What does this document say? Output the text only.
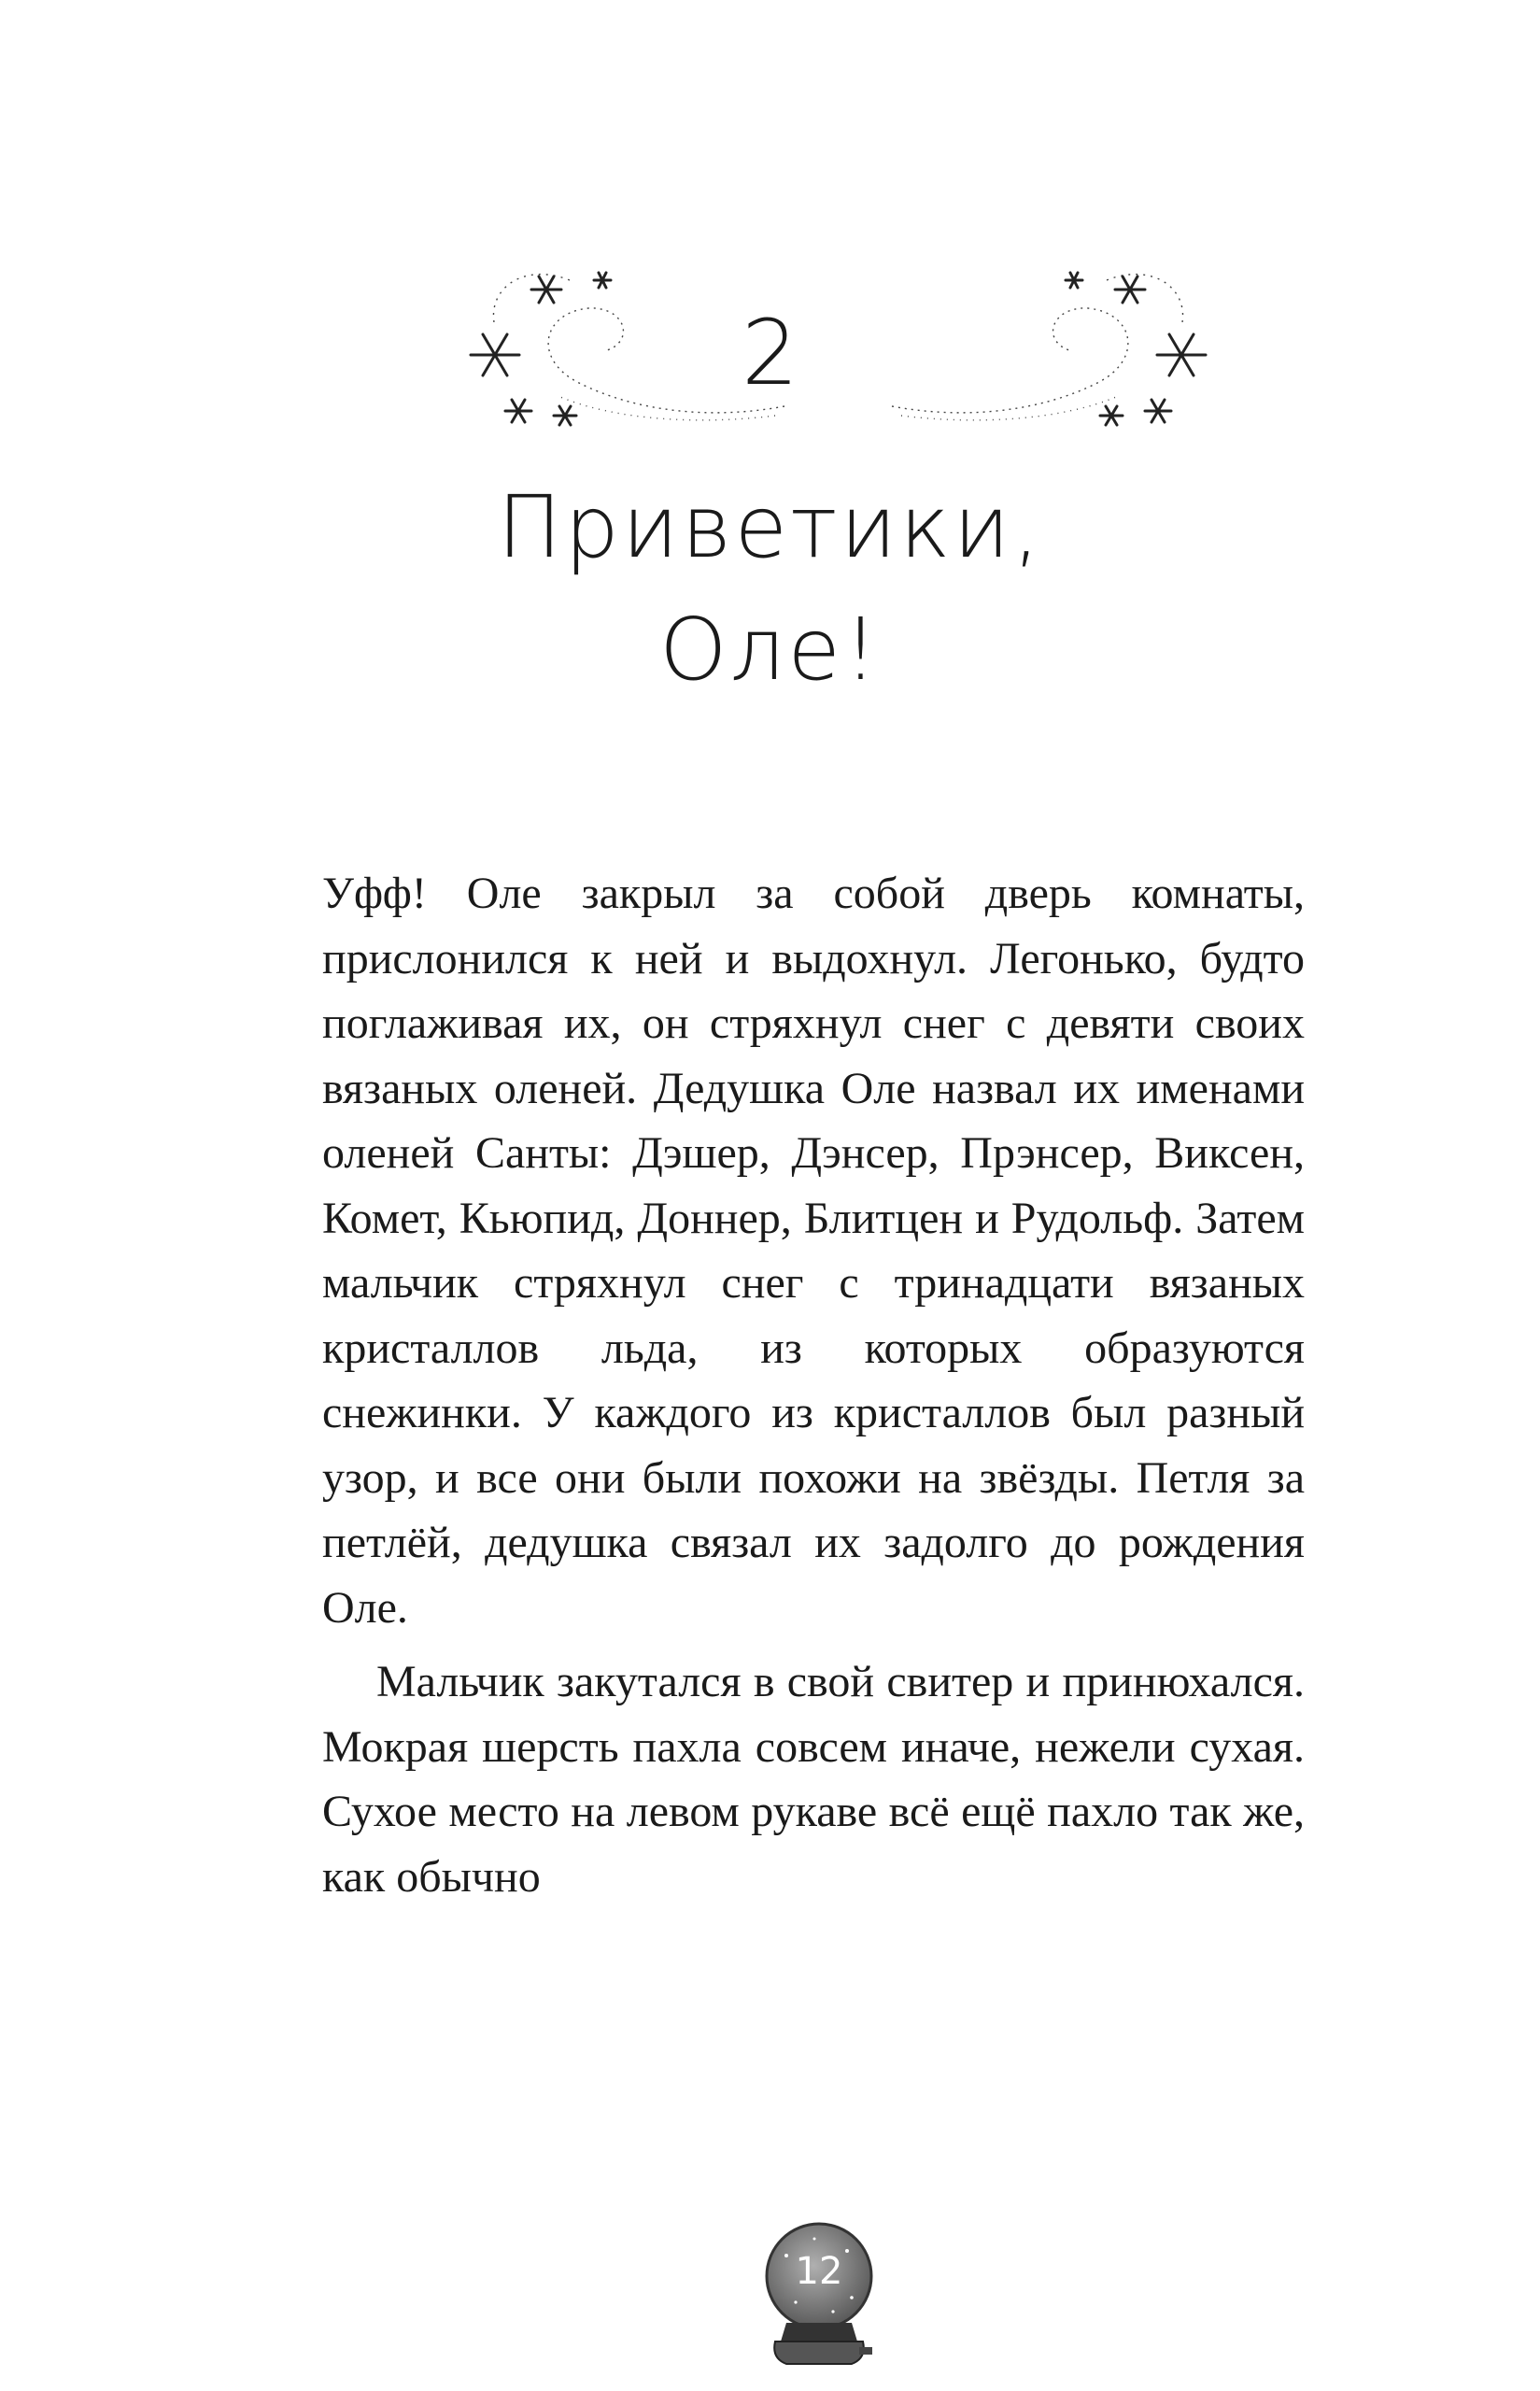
2
Приветики,
Оле!

Уфф! Оле закрыл за собой дверь комнаты, прислонился к ней и выдохнул. Легонько, будто поглаживая их, он стряхнул снег с девяти своих вязаных оленей. Дедушка Оле назвал их именами оленей Санты: Дэшер, Дэнсер, Прэнсер, Виксен, Комет, Кьюпид, Доннер, Блитцен и Рудольф. Затем мальчик стряхнул снег с тринадцати вязаных кристаллов льда, из которых образуются снежинки. У каждого из кристаллов был разный узор, и все они были похожи на звёзды. Петля за петлёй, дедушка связал их задолго до рождения Оле.

Мальчик закутался в свой свитер и принюхался. Мокрая шерсть пахла совсем иначе, нежели сухая. Сухое место на левом рукаве всё ещё пахло так же, как обычно

12
